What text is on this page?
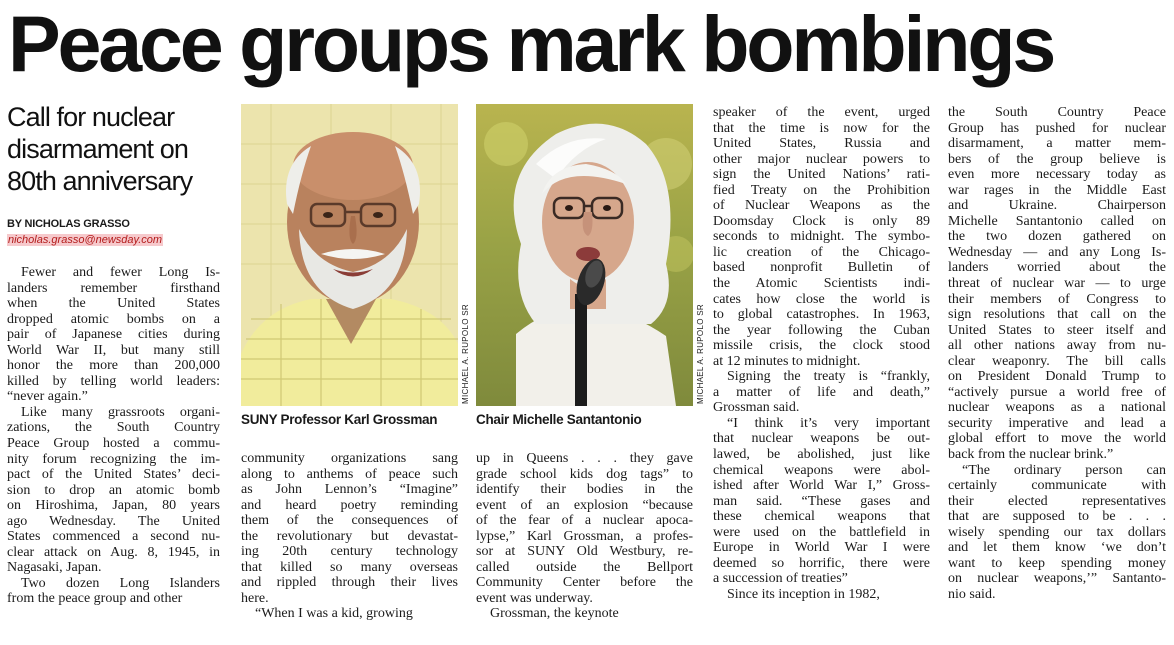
Peace groups mark bombings
Call for nuclear
disarmament on
80th anniversary
BY NICHOLAS GRASSO
nicholas.grasso@newsday.com
Fewer and fewer Long Is-
landers remember firsthand
when the United States
dropped atomic bombs on a
pair of Japanese cities during
World War II, but many still
honor the more than 200,000
killed by telling world leaders:
“never again.”
Like many grassroots organi-
zations, the South Country
Peace Group hosted a commu-
nity forum recognizing the im-
pact of the United States’ deci-
sion to drop an atomic bomb
on Hiroshima, Japan, 80 years
ago Wednesday. The United
States commenced a second nu-
clear attack on Aug. 8, 1945, in
Nagasaki, Japan.
Two dozen Long Islanders
from the peace group and other
MICHAEL A. RUPOLO SR
SUNY Professor Karl Grossman
MICHAEL A. RUPOLO SR
Chair Michelle Santantonio
community organizations sang
along to anthems of peace such
as John Lennon’s “Imagine”
and heard poetry reminding
them of the consequences of
the revolutionary but devastat-
ing 20th century technology
that killed so many overseas
and rippled through their lives
here.
“When I was a kid, growing
up in Queens . . . they gave
grade school kids dog tags” to
identify their bodies in the
event of an explosion “because
of the fear of a nuclear apoca-
lypse,” Karl Grossman, a profes-
sor at SUNY Old Westbury, re-
called outside the Bellport
Community Center before the
event was underway.
Grossman, the keynote
speaker of the event, urged
that the time is now for the
United States, Russia and
other major nuclear powers to
sign the United Nations’ rati-
fied Treaty on the Prohibition
of Nuclear Weapons as the
Doomsday Clock is only 89
seconds to midnight. The symbo-
lic creation of the Chicago-
based nonprofit Bulletin of
the Atomic Scientists indi-
cates how close the world is
to global catastrophes. In 1963,
the year following the Cuban
missile crisis, the clock stood
at 12 minutes to midnight.
Signing the treaty is “frankly,
a matter of life and death,”
Grossman said.
“I think it’s very important
that nuclear weapons be out-
lawed, be abolished, just like
chemical weapons were abol-
ished after World War I,” Gross-
man said. “These gases and
these chemical weapons that
were used on the battlefield in
Europe in World War I were
deemed so horrific, there were
a succession of treaties”
Since its inception in 1982,
the South Country Peace
Group has pushed for nuclear
disarmament, a matter mem-
bers of the group believe is
even more necessary today as
war rages in the Middle East
and Ukraine. Chairperson
Michelle Santantonio called on
the two dozen gathered on
Wednesday — and any Long Is-
landers worried about the
threat of nuclear war — to urge
their members of Congress to
sign resolutions that call on the
United States to steer itself and
all other nations away from nu-
clear weaponry. The bill calls
on President Donald Trump to
“actively pursue a world free of
nuclear weapons as a national
security imperative and lead a
global effort to move the world
back from the nuclear brink.”
“The ordinary person can
certainly communicate with
their elected representatives
that are supposed to be . . .
wisely spending our tax dollars
and let them know ‘we don’t
want to keep spending money
on nuclear weapons,’” Santanto-
nio said.
